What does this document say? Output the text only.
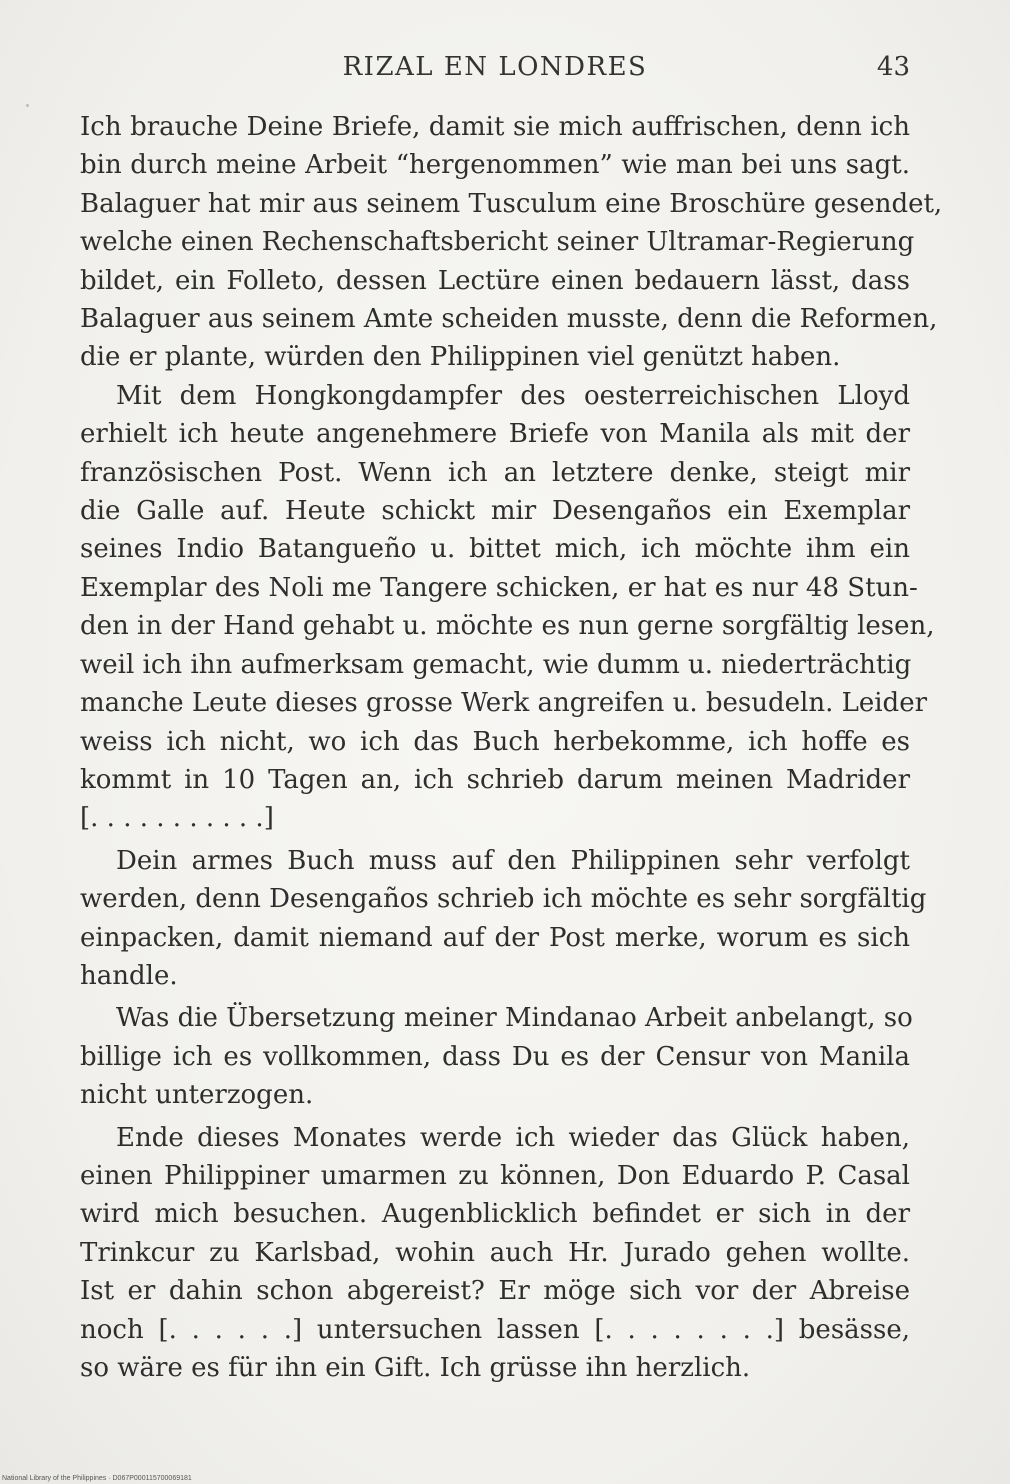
RIZAL EN LONDRES	43
Ich brauche Deine Briefe, damit sie mich auffrischen, denn ich
bin durch meine Arbeit “hergenommen” wie man bei uns sagt.
Balaguer hat mir aus seinem Tusculum eine Broschüre gesendet,
welche einen Rechenschaftsbericht seiner Ultramar-Regierung
bildet, ein Folleto, dessen Lectüre einen bedauern lässt, dass
Balaguer aus seinem Amte scheiden musste, denn die Reformen,
die er plante, würden den Philippinen viel genützt haben.
Mit dem Hongkongdampfer des oesterreichischen Lloyd
erhielt ich heute angenehmere Briefe von Manila als mit der
französischen Post. Wenn ich an letztere denke, steigt mir
die Galle auf. Heute schickt mir Desengaños ein Exemplar
seines Indio Batangueño u. bittet mich, ich möchte ihm ein
Exemplar des Noli me Tangere schicken, er hat es nur 48 Stun-
den in der Hand gehabt u. möchte es nun gerne sorgfältig lesen,
weil ich ihn aufmerksam gemacht, wie dumm u. niederträchtig
manche Leute dieses grosse Werk angreifen u. besudeln. Leider
weiss ich nicht, wo ich das Buch herbekomme, ich hoffe es
kommt in 10 Tagen an, ich schrieb darum meinen Madrider
[. . . . . . . . . . .]
Dein armes Buch muss auf den Philippinen sehr verfolgt
werden, denn Desengaños schrieb ich möchte es sehr sorgfältig
einpacken, damit niemand auf der Post merke, worum es sich
handle.
Was die Übersetzung meiner Mindanao Arbeit anbelangt, so
billige ich es vollkommen, dass Du es der Censur von Manila
nicht unterzogen.
Ende dieses Monates werde ich wieder das Glück haben,
einen Philippiner umarmen zu können, Don Eduardo P. Casal
wird mich besuchen. Augenblicklich befindet er sich in der
Trinkcur zu Karlsbad, wohin auch Hr. Jurado gehen wollte.
Ist er dahin schon abgereist? Er möge sich vor der Abreise
noch [. . . . . .] untersuchen lassen [. . . . . . . .] besässe,
so wäre es für ihn ein Gift. Ich grüsse ihn herzlich.
National Library of the Philippines · D067P000115700069181
